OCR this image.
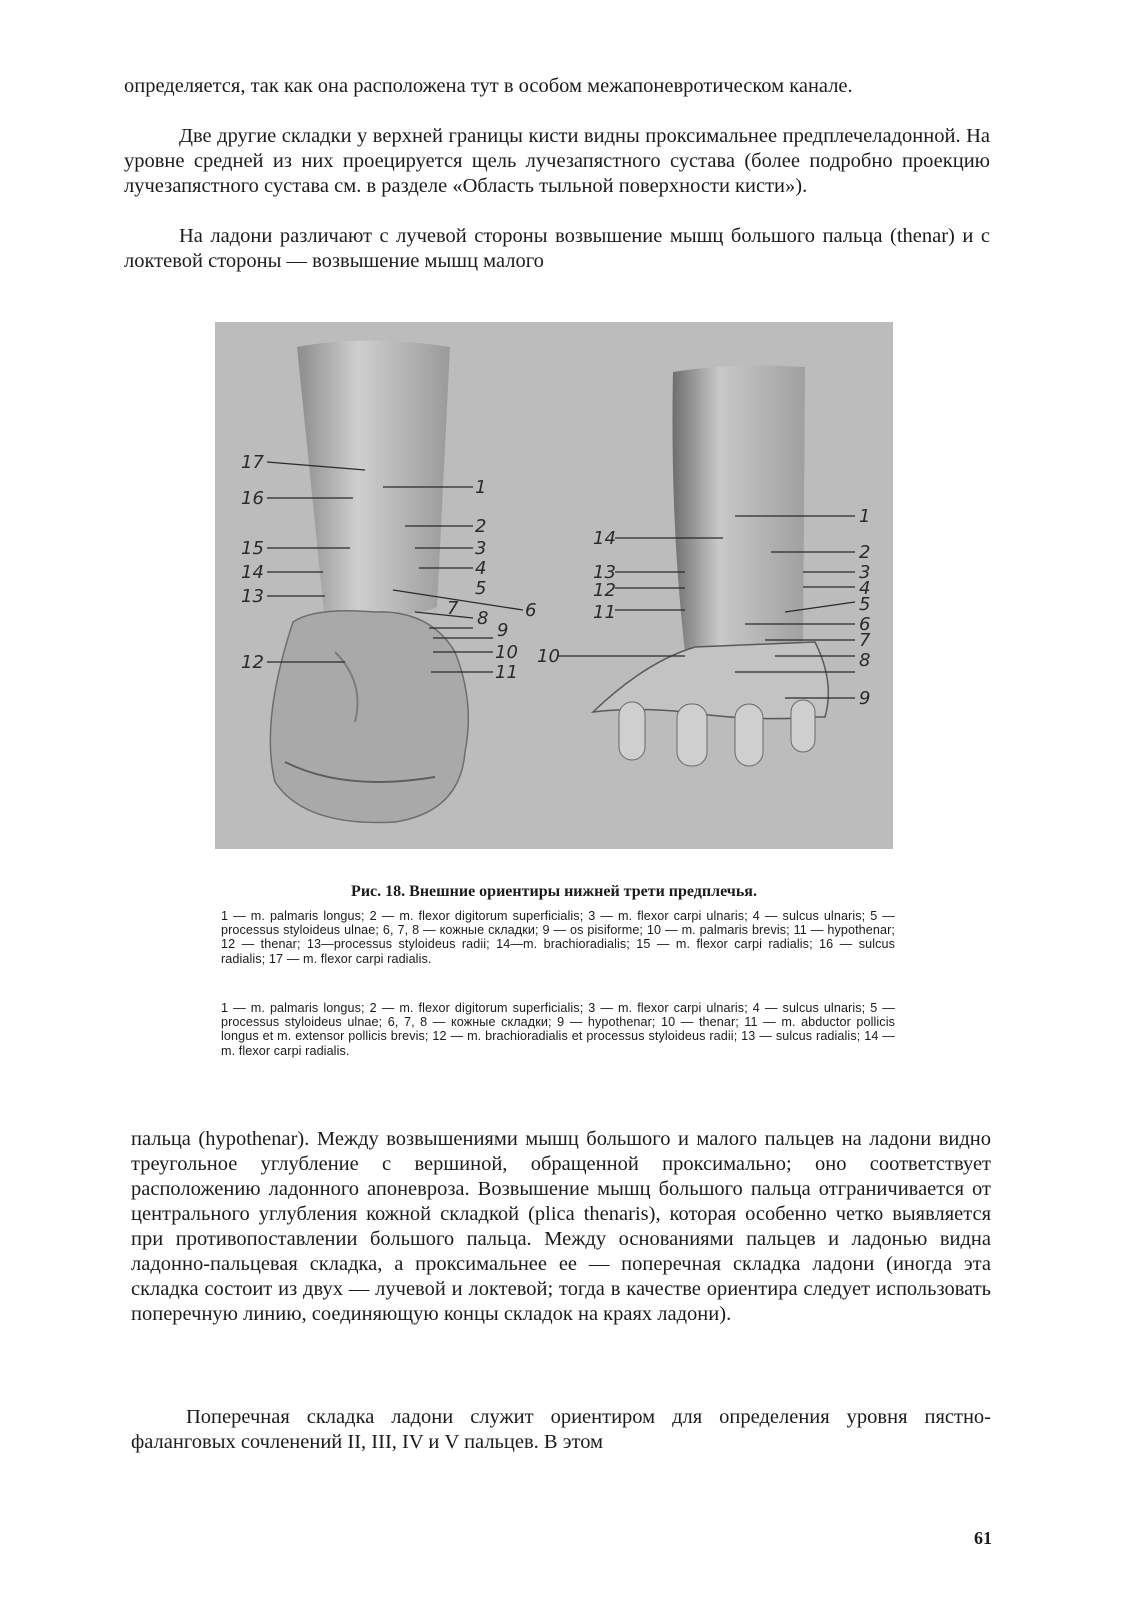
определяется, так как она расположена тут в особом межапоневротическом канале.

Две другие складки у верхней границы кисти видны проксимальнее предплечеладонной. На уровне средней из них проецируется щель лучезапястного сустава (более подробно проекцию лучезапястного сустава см. в разделе «Область тыльной поверхности кисти»).

На ладони различают с лучевой стороны возвышение мышц большого пальца (thenar) и с локтевой стороны — возвышение мышц малого

17
16
15
14
13
12
1
2
3
4
5
6
7 8
9
10
11
14
13
12
11
10
1
2
3
4
5
6
7
8
9
Рис. 18. Внешние ориентиры нижней трети предплечья.

1 — m. palmaris longus; 2 — m. flexor digitorum superficialis; 3 — m. flexor carpi ulnaris; 4 — sulcus ulnaris; 5 — processus styloideus ulnae; 6, 7, 8 — кожные складки; 9 — os pisiforme; 10 — m. palmaris brevis; 11 — hypothenar; 12 — thenar; 13—processus styloideus radii; 14—m. brachioradialis; 15 — m. flexor carpi radialis; 16 — sulcus radialis; 17 — m. flexor carpi radialis.

1 — m. palmaris longus; 2 — m. flexor digitorum superficialis; 3 — m. flexor carpi ulnaris; 4 — sulcus ulnaris; 5 — processus styloideus ulnae; 6, 7, 8 — кожные складки; 9 — hypothenar; 10 — thenar; 11 — m. abductor pollicis longus et m. extensor pollicis brevis; 12 — m. brachioradialis et processus styloideus radii; 13 — sulcus radialis; 14 — m. flexor carpi radialis.

пальца (hypothenar). Между возвышениями мышц большого и малого пальцев на ладони видно треугольное углубление с вершиной, обращенной проксимально; оно соответствует расположению ладонного апоневроза. Возвышение мышц большого пальца отграничивается от центрального углубления кожной складкой (plica thenaris), которая особенно четко выявляется при противопоставлении большого пальца. Между основаниями пальцев и ладонью видна ладонно-пальцевая складка, а проксимальнее ее — поперечная складка ладони (иногда эта складка состоит из двух — лучевой и локтевой; тогда в качестве ориентира следует использовать поперечную линию, соединяющую концы складок на краях ладони).

Поперечная складка ладони служит ориентиром для определения уровня пястно-фаланговых сочленений II, III, IV и V пальцев. В этом

61
